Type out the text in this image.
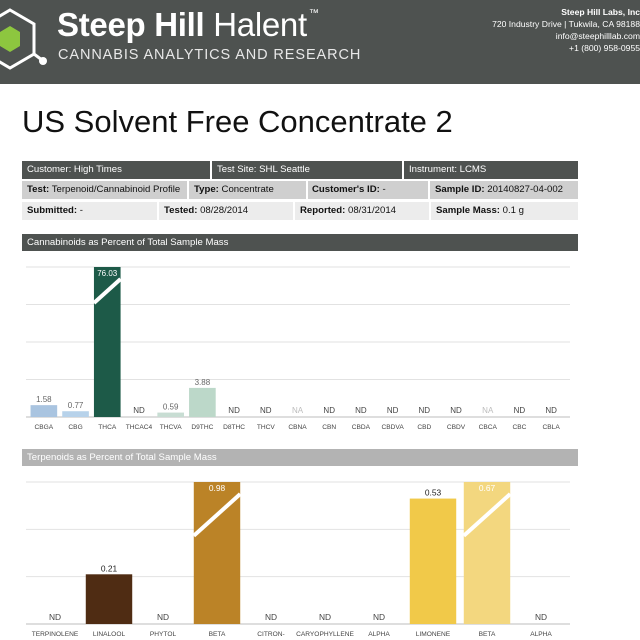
Steep Hill Halent ™
CANNABIS ANALYTICS AND RESEARCH
Steep Hill Labs, Inc
720 Industry Drive | Tukwila, CA 98188
info@steephilllab.com
+1 (800) 958-0955
US Solvent Free Concentrate 2
Customer: High Times	Test Site: SHL Seattle	Instrument: LCMS
Test: Terpenoid/Cannabinoid Profile	Type: Concentrate	Customer's ID: -	Sample ID: 20140827-04-002
Submitted: -	Tested: 08/28/2014	Reported: 08/31/2014	Sample Mass: 0.1 g
Cannabinoids as Percent of Total Sample Mass
1.58
CBGA
0.77
CBG
76.03
THCA
ND
THCAC4
0.59
THCVA
3.88
D9THC
ND
D8THC
ND
THCV
NA
CBNA
ND
CBN
ND
CBDA
ND
CBDVA
ND
CBD
ND
CBDV
NA
CBCA
ND
CBC
ND
CBLA
Terpenoids as Percent of Total Sample Mass
ND
TERPINOLENE
0.21
LINALOOL
ND
PHYTOL
0.98
BETA
ND
CITRON-
ND
CARYOPHYLLENE
ND
ALPHA
0.53
LIMONENE
0.67
BETA
ND
ALPHA
